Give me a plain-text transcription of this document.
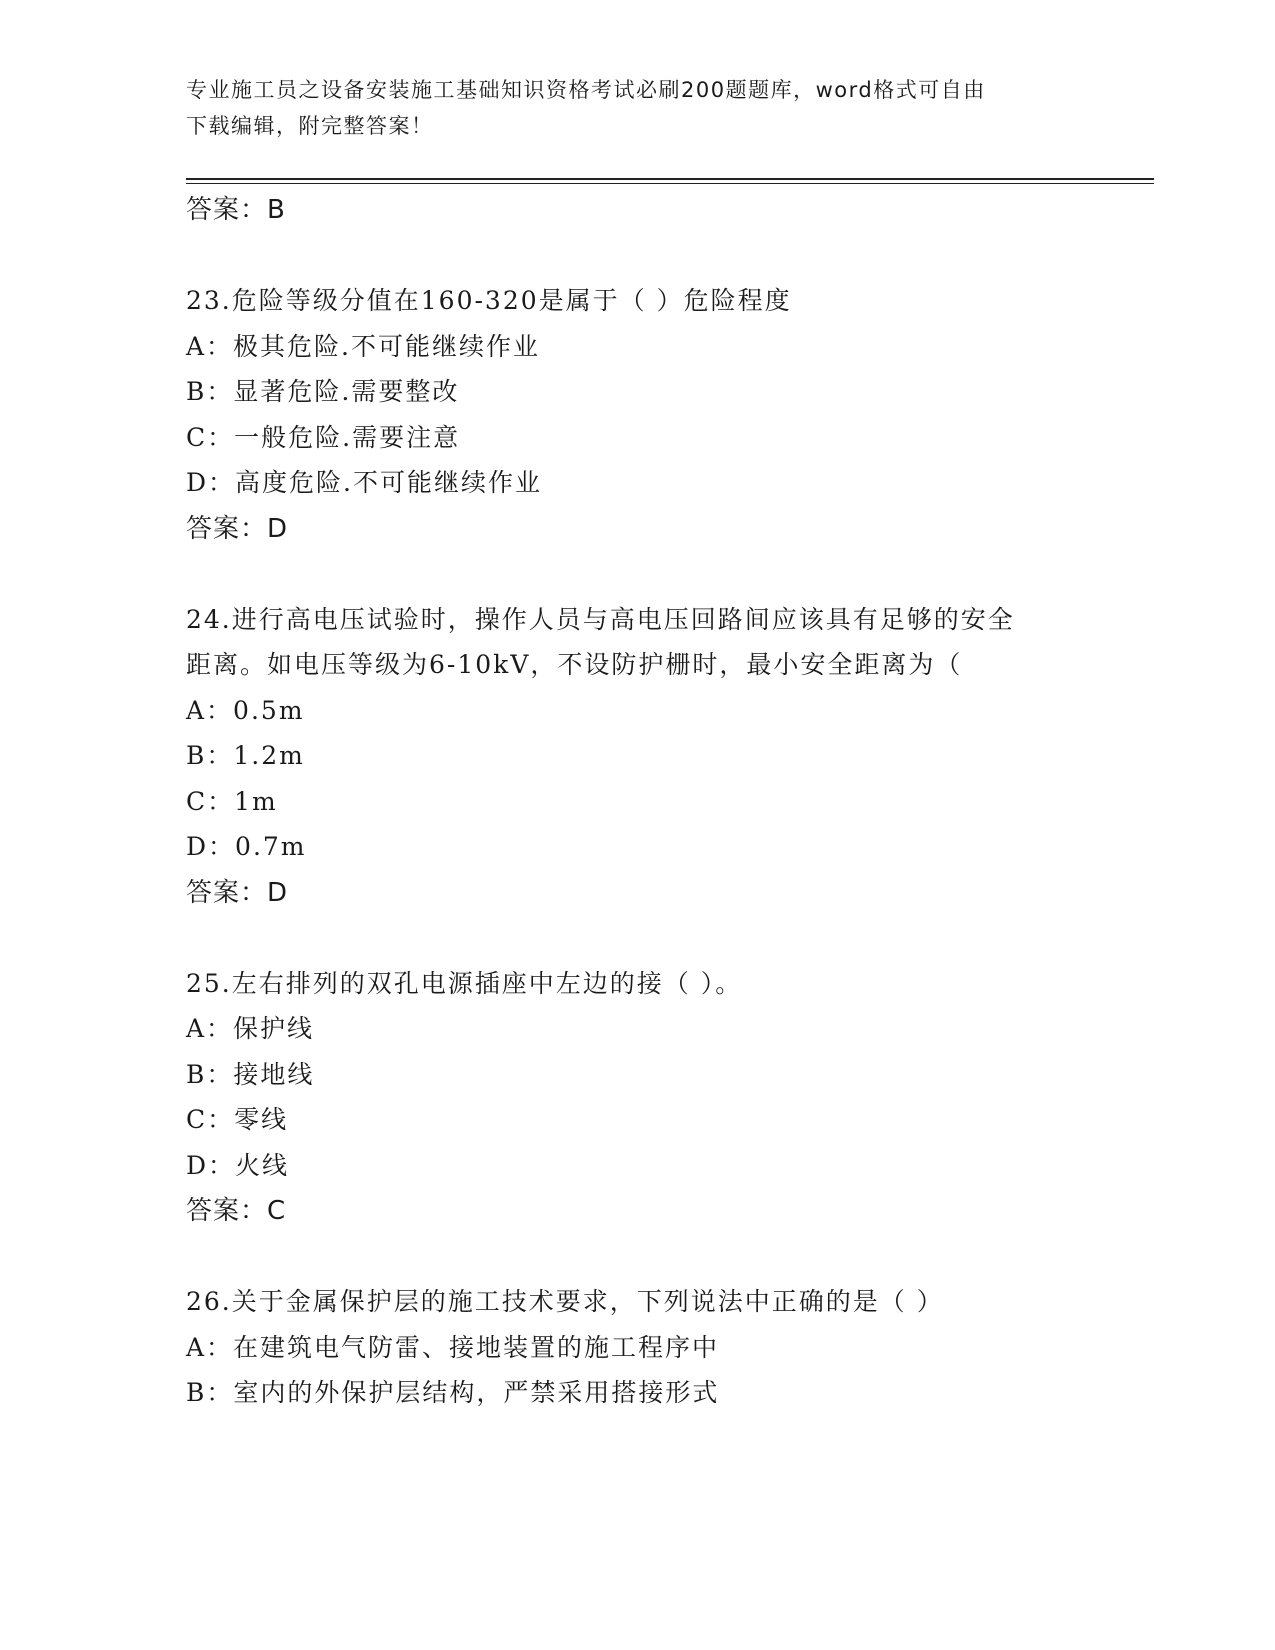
专业施工员之设备安装施工基础知识资格考试必刷200题题库，word格式可自由
下载编辑，附完整答案！
答案：B
23.危险等级分值在160-320是属于（ ）危险程度
A：极其危险.不可能继续作业
B：显著危险.需要整改
C：一般危险.需要注意
D：高度危险.不可能继续作业
答案：D
24.进行高电压试验时，操作人员与高电压回路间应该具有足够的安全
距离。如电压等级为6-10kV，不设防护栅时，最小安全距离为（
A：0.5m
B：1.2m
C：1m
D：0.7m
答案：D
25.左右排列的双孔电源插座中左边的接（ ）。
A：保护线
B：接地线
C：零线
D：火线
答案：C
26.关于金属保护层的施工技术要求，下列说法中正确的是（ ）
A：在建筑电气防雷、接地装置的施工程序中
B：室内的外保护层结构，严禁采用搭接形式
